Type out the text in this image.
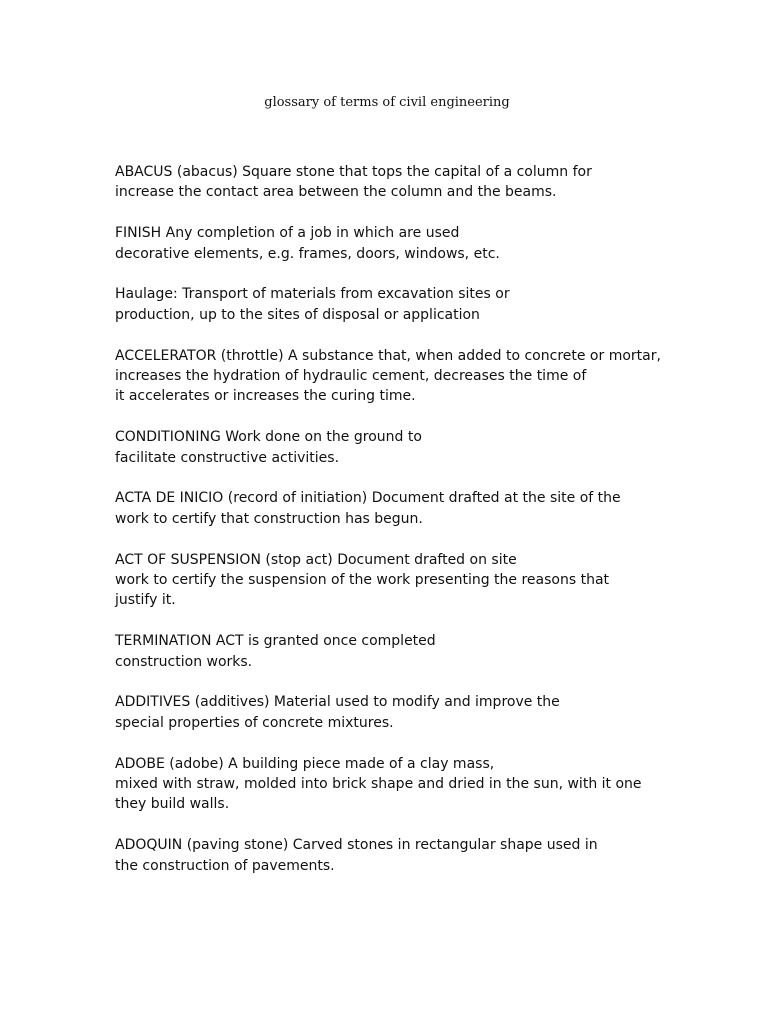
glossary of terms of civil engineering
ABACUS (abacus) Square stone that tops the capital of a column for
increase the contact area between the column and the beams.
FINISH Any completion of a job in which are used
decorative elements, e.g. frames, doors, windows, etc.
Haulage: Transport of materials from excavation sites or
production, up to the sites of disposal or application
ACCELERATOR (throttle) A substance that, when added to concrete or mortar,
increases the hydration of hydraulic cement, decreases the time of
it accelerates or increases the curing time.
CONDITIONING Work done on the ground to
facilitate constructive activities.
ACTA DE INICIO (record of initiation) Document drafted at the site of the
work to certify that construction has begun.
ACT OF SUSPENSION (stop act) Document drafted on site
work to certify the suspension of the work presenting the reasons that
justify it.
TERMINATION ACT is granted once completed
construction works.
ADDITIVES (additives) Material used to modify and improve the
special properties of concrete mixtures.
ADOBE (adobe) A building piece made of a clay mass,
mixed with straw, molded into brick shape and dried in the sun, with it one
they build walls.
ADOQUIN (paving stone) Carved stones in rectangular shape used in
the construction of pavements.
